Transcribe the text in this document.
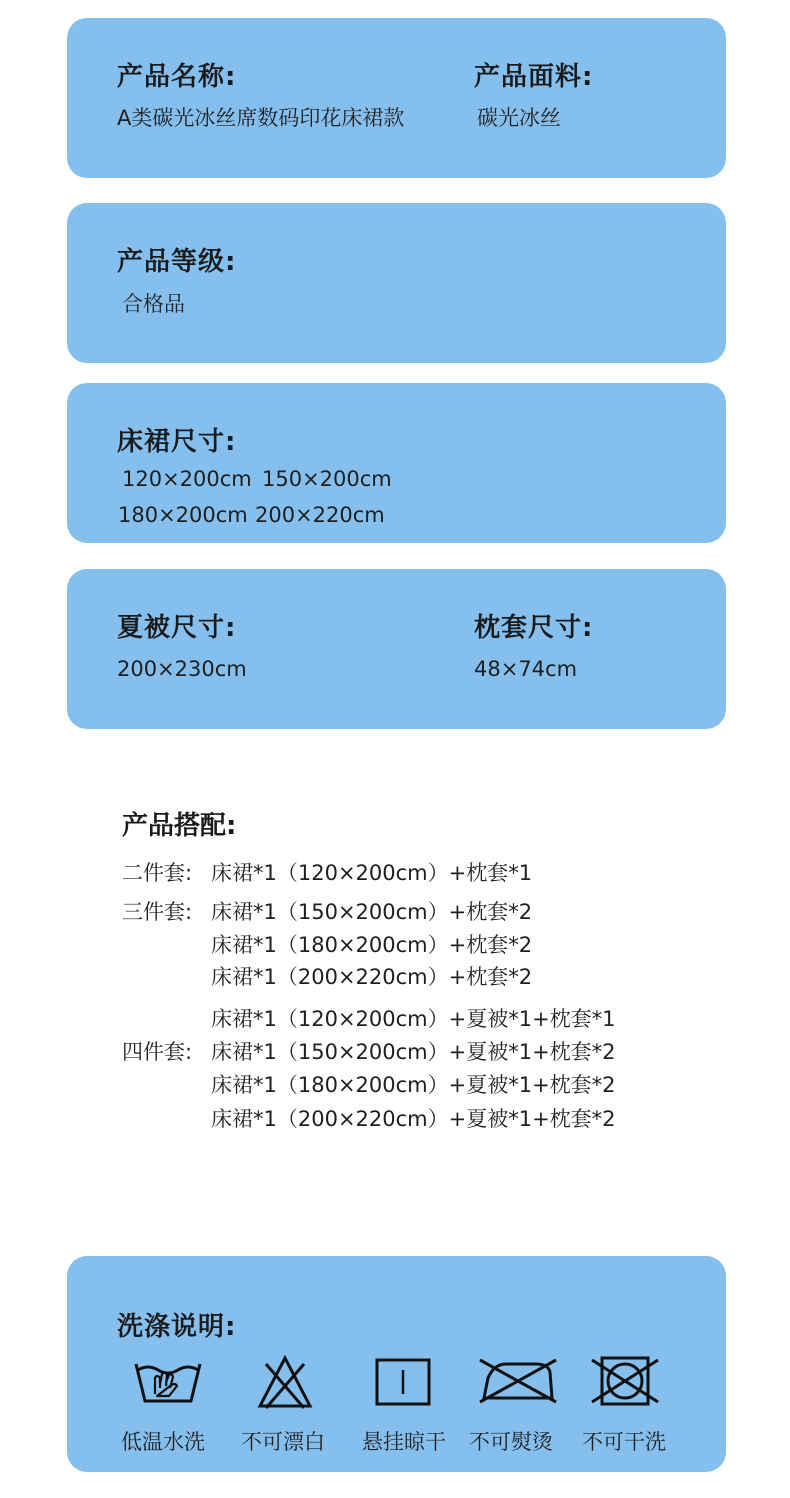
产品名称:
A类碳光冰丝席数码印花床裙款
产品面料:
碳光冰丝
产品等级:
合格品
床裙尺寸:
120×200cm 150×200cm
180×200cm 200×220cm
夏被尺寸:
200×230cm
枕套尺寸:
48×74cm
产品搭配:
二件套: 床裙*1（120×200cm）+枕套*1
三件套: 床裙*1（150×200cm）+枕套*2
床裙*1（180×200cm）+枕套*2
床裙*1（200×220cm）+枕套*2
床裙*1（120×200cm）+夏被*1+枕套*1
四件套: 床裙*1（150×200cm）+夏被*1+枕套*2
床裙*1（180×200cm）+夏被*1+枕套*2
床裙*1（200×220cm）+夏被*1+枕套*2
洗涤说明:
低温水洗 不可漂白 悬挂晾干 不可熨烫 不可干洗
